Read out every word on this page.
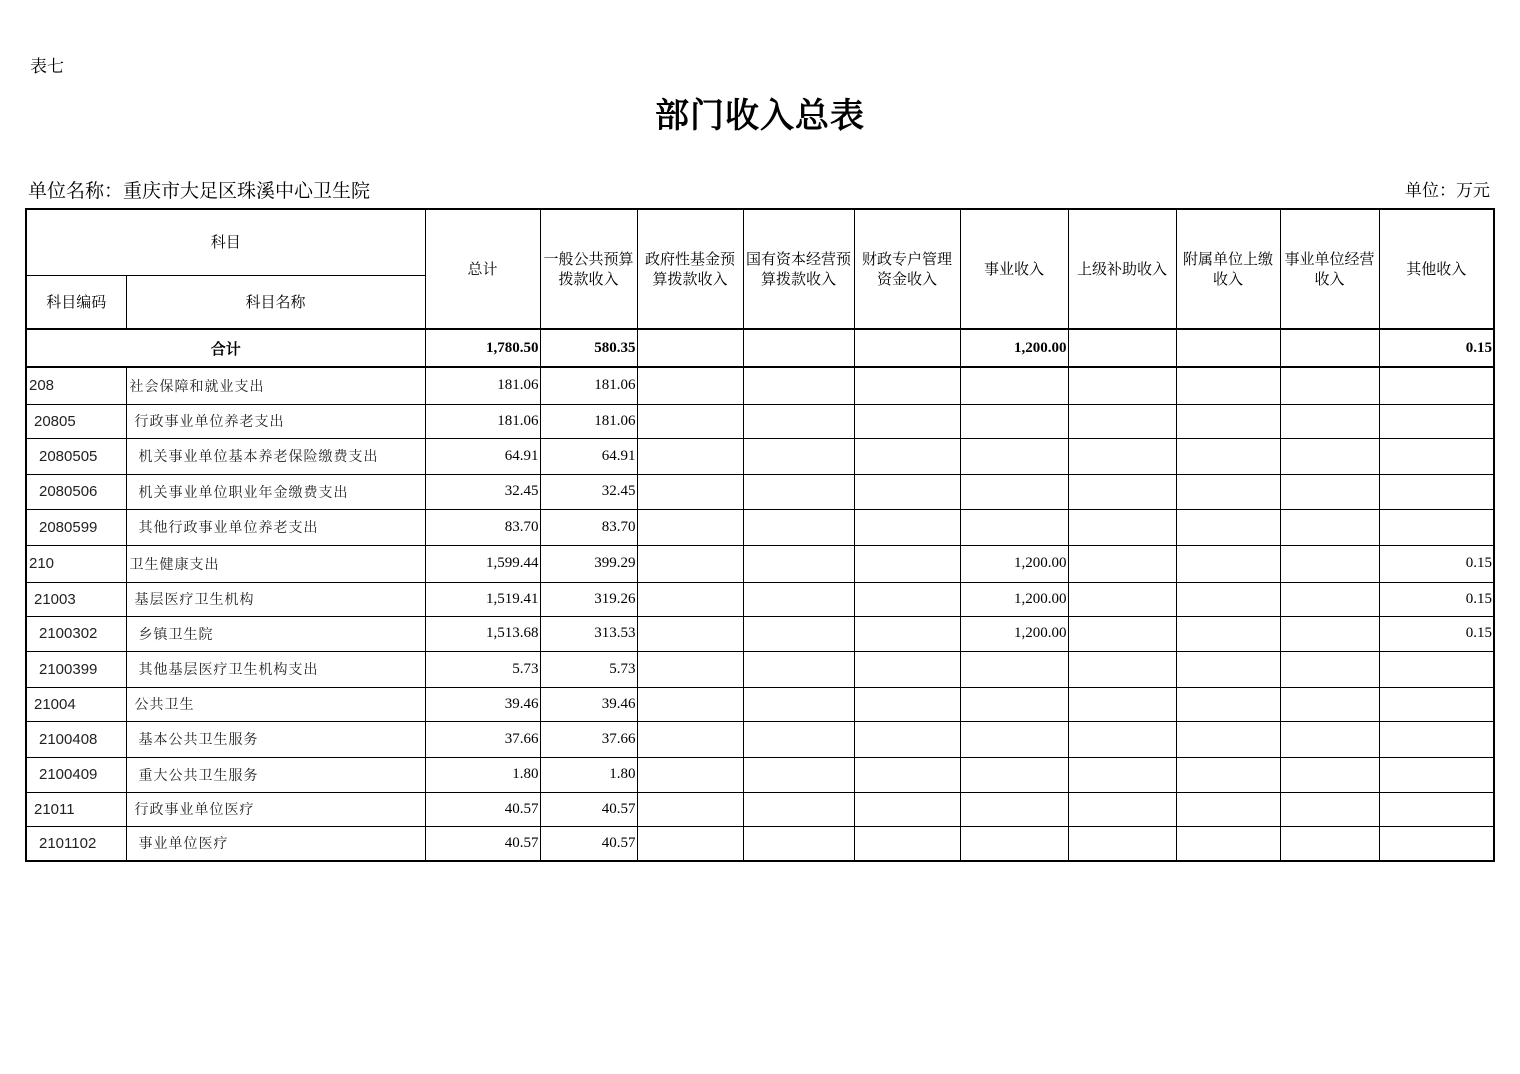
表七
部门收入总表
单位名称：重庆市大足区珠溪中心卫生院	单位：万元
科目		总计	一般公共预算拨款收入	政府性基金预算拨款收入	国有资本经营预算拨款收入	财政专户管理资金收入	事业收入	上级补助收入	附属单位上缴收入	事业单位经营收入	其他收入
科目编码	科目名称										
合计		1,780.50	580.35				1,200.00				0.15
208	社会保障和就业支出	181.06	181.06								
20805	行政事业单位养老支出	181.06	181.06								
2080505	机关事业单位基本养老保险缴费支出	64.91	64.91								
2080506	机关事业单位职业年金缴费支出	32.45	32.45								
2080599	其他行政事业单位养老支出	83.70	83.70								
210	卫生健康支出	1,599.44	399.29				1,200.00				0.15
21003	基层医疗卫生机构	1,519.41	319.26				1,200.00				0.15
2100302	乡镇卫生院	1,513.68	313.53				1,200.00				0.15
2100399	其他基层医疗卫生机构支出	5.73	5.73								
21004	公共卫生	39.46	39.46								
2100408	基本公共卫生服务	37.66	37.66								
2100409	重大公共卫生服务	1.80	1.80								
21011	行政事业单位医疗	40.57	40.57								
2101102	事业单位医疗	40.57	40.57								
